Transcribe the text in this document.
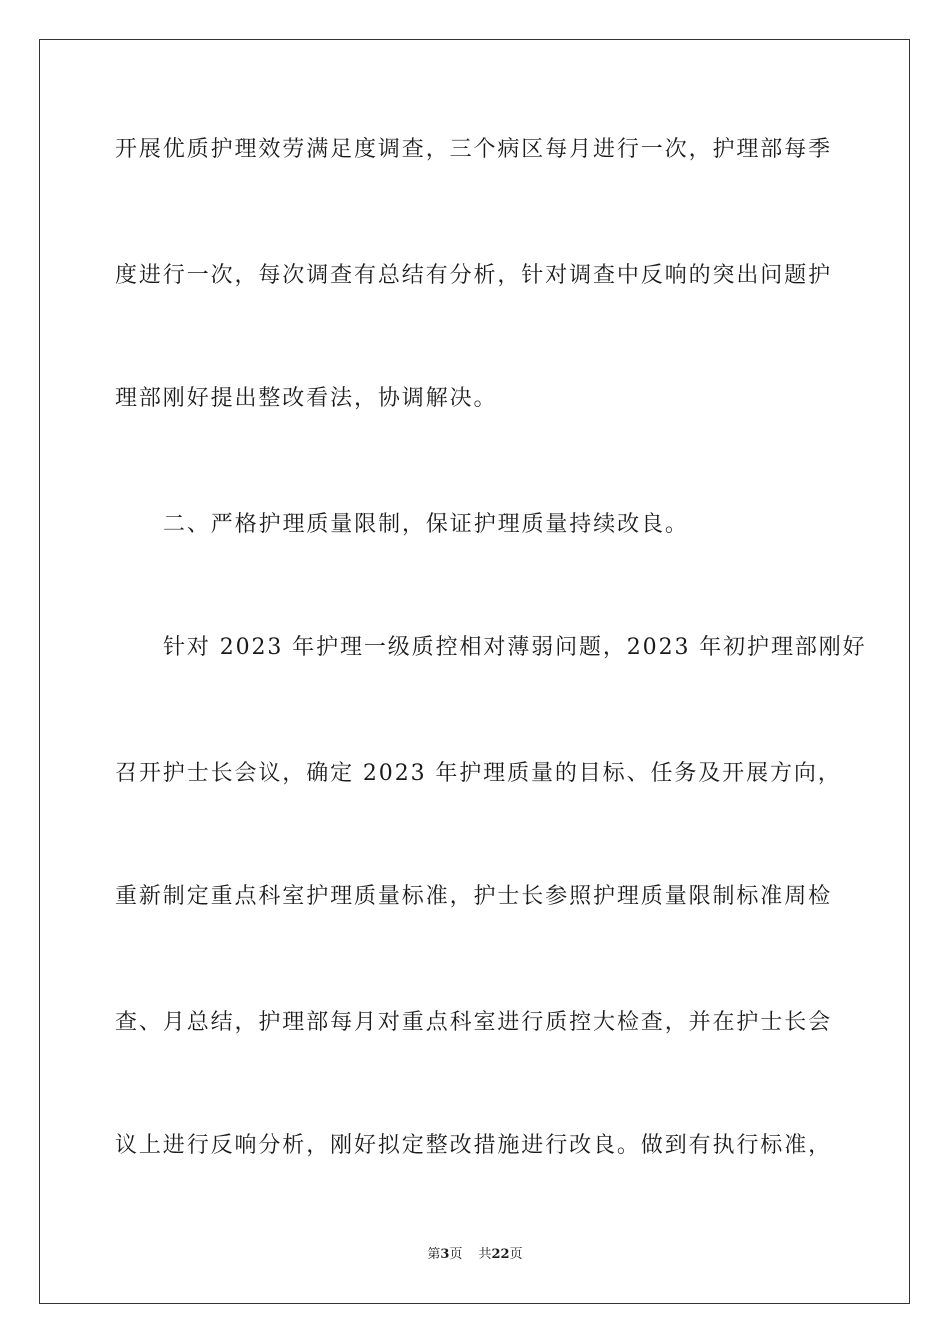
开展优质护理效劳满足度调查，三个病区每月进行一次，护理部每季
度进行一次，每次调查有总结有分析，针对调查中反响的突出问题护
理部刚好提出整改看法，协调解决。
二、严格护理质量限制，保证护理质量持续改良。
针对 2023 年护理一级质控相对薄弱问题，2023 年初护理部刚好
召开护士长会议，确定 2023 年护理质量的目标、任务及开展方向，
重新制定重点科室护理质量标准，护士长参照护理质量限制标准周检
查、月总结，护理部每月对重点科室进行质控大检查，并在护士长会
议上进行反响分析，刚好拟定整改措施进行改良。做到有执行标准，
第3页 共22页
